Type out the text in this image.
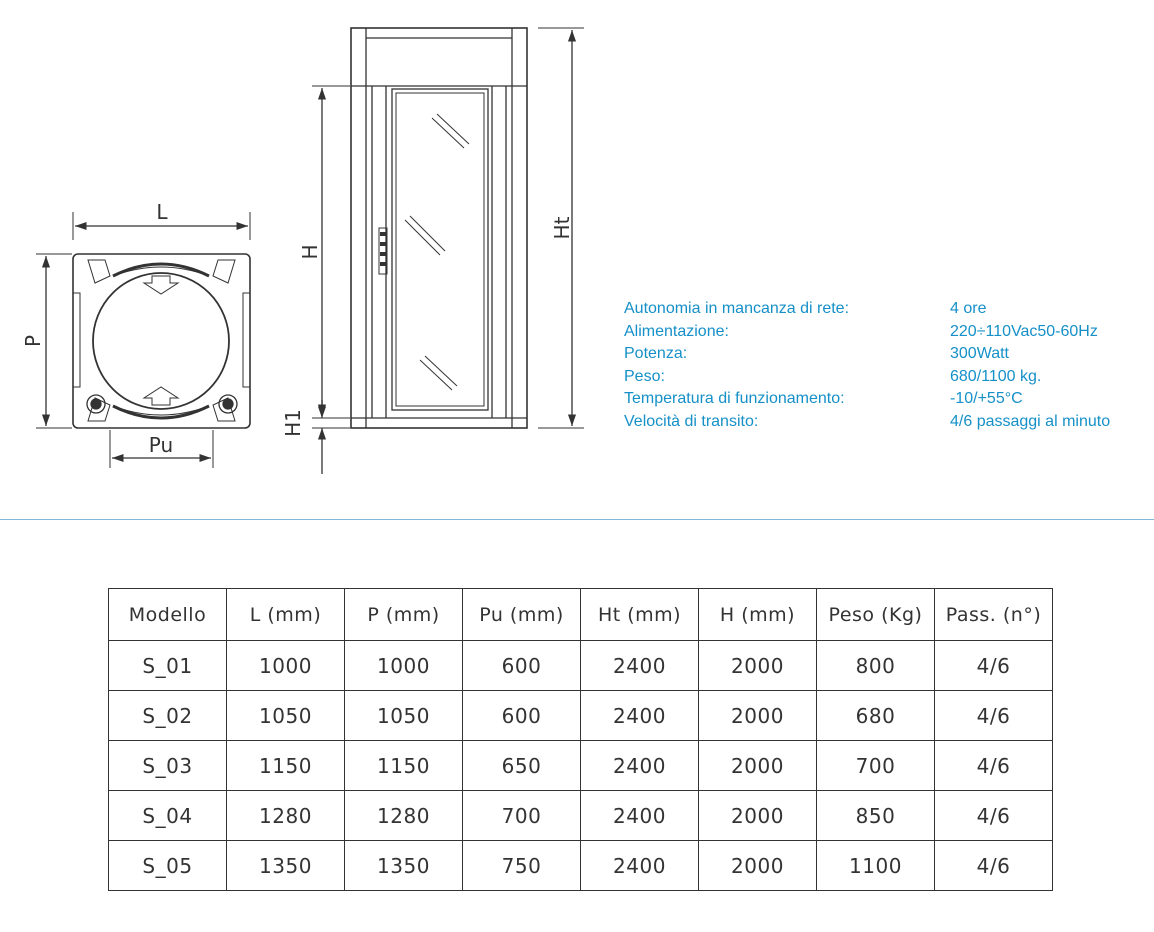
L
P
Pu
H
H1
Ht
Autonomia in mancanza di rete:	4 ore
Alimentazione:	220÷110Vac50-60Hz
Potenza:	300Watt
Peso:	680/1100 kg.
Temperatura di funzionamento:	-10/+55°C
Velocità di transito:	4/6 passaggi al minuto
Modello	L (mm)	P (mm)	Pu (mm)	Ht (mm)	H (mm)	Peso (Kg)	Pass. (n°)
S_01	1000	1000	600	2400	2000	800	4/6
S_02	1050	1050	600	2400	2000	680	4/6
S_03	1150	1150	650	2400	2000	700	4/6
S_04	1280	1280	700	2400	2000	850	4/6
S_05	1350	1350	750	2400	2000	1100	4/6
